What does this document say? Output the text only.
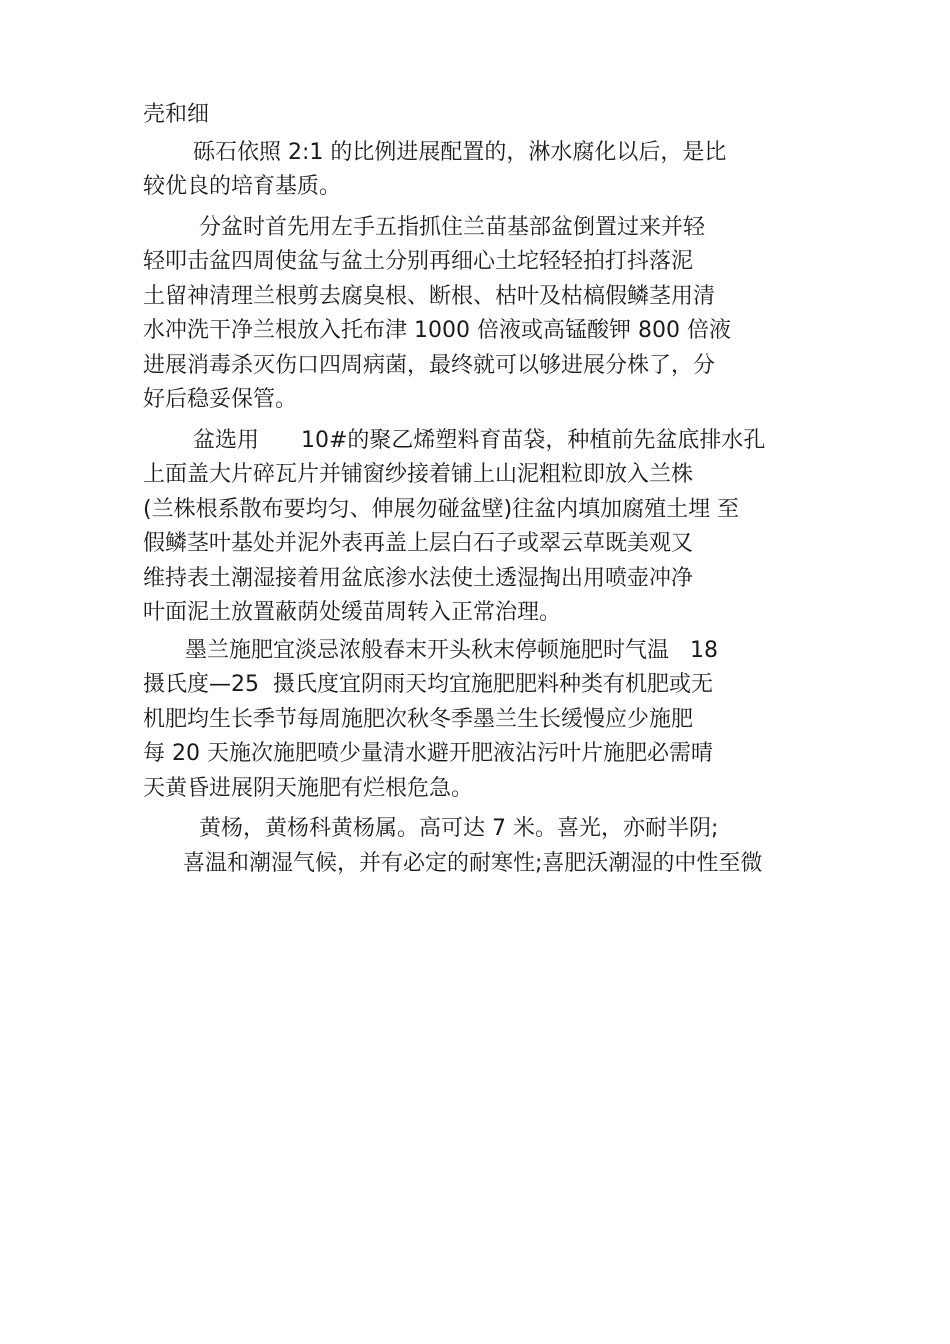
壳和细
砾石依照 2:1 的比例进展配置的，淋水腐化以后，是比
较优良的培育基质。
分盆时首先用左手五指抓住兰苗基部盆倒置过来并轻
轻叩击盆四周使盆与盆土分别再细心土坨轻轻拍打抖落泥
土留神清理兰根剪去腐臭根、断根、枯叶及枯槁假鳞茎用清
水冲洗干净兰根放入托布津 1000 倍液或高锰酸钾 800 倍液
进展消毒杀灭伤口四周病菌，最终就可以够进展分株了，分
好后稳妥保管。
盆选用      10#的聚乙烯塑料育苗袋，种植前先盆底排水孔
上面盖大片碎瓦片并铺窗纱接着铺上山泥粗粒即放入兰株
(兰株根系散布要均匀、伸展勿碰盆壁)往盆内填加腐殖土埋 至
假鳞茎叶基处并泥外表再盖上层白石子或翠云草既美观又
维持表土潮湿接着用盆底渗水法使土透湿掏出用喷壶冲净
叶面泥土放置蔽荫处缓苗周转入正常治理。
墨兰施肥宜淡忌浓般春末开头秋末停顿施肥时气温   18
摄氏度—25  摄氏度宜阴雨天均宜施肥肥料种类有机肥或无
机肥均生长季节每周施肥次秋冬季墨兰生长缓慢应少施肥
每 20 天施次施肥喷少量清水避开肥液沾污叶片施肥必需晴
天黄昏进展阴天施肥有烂根危急。
黄杨，黄杨科黄杨属。高可达 7 米。喜光，亦耐半阴;
喜温和潮湿气候，并有必定的耐寒性;喜肥沃潮湿的中性至微
